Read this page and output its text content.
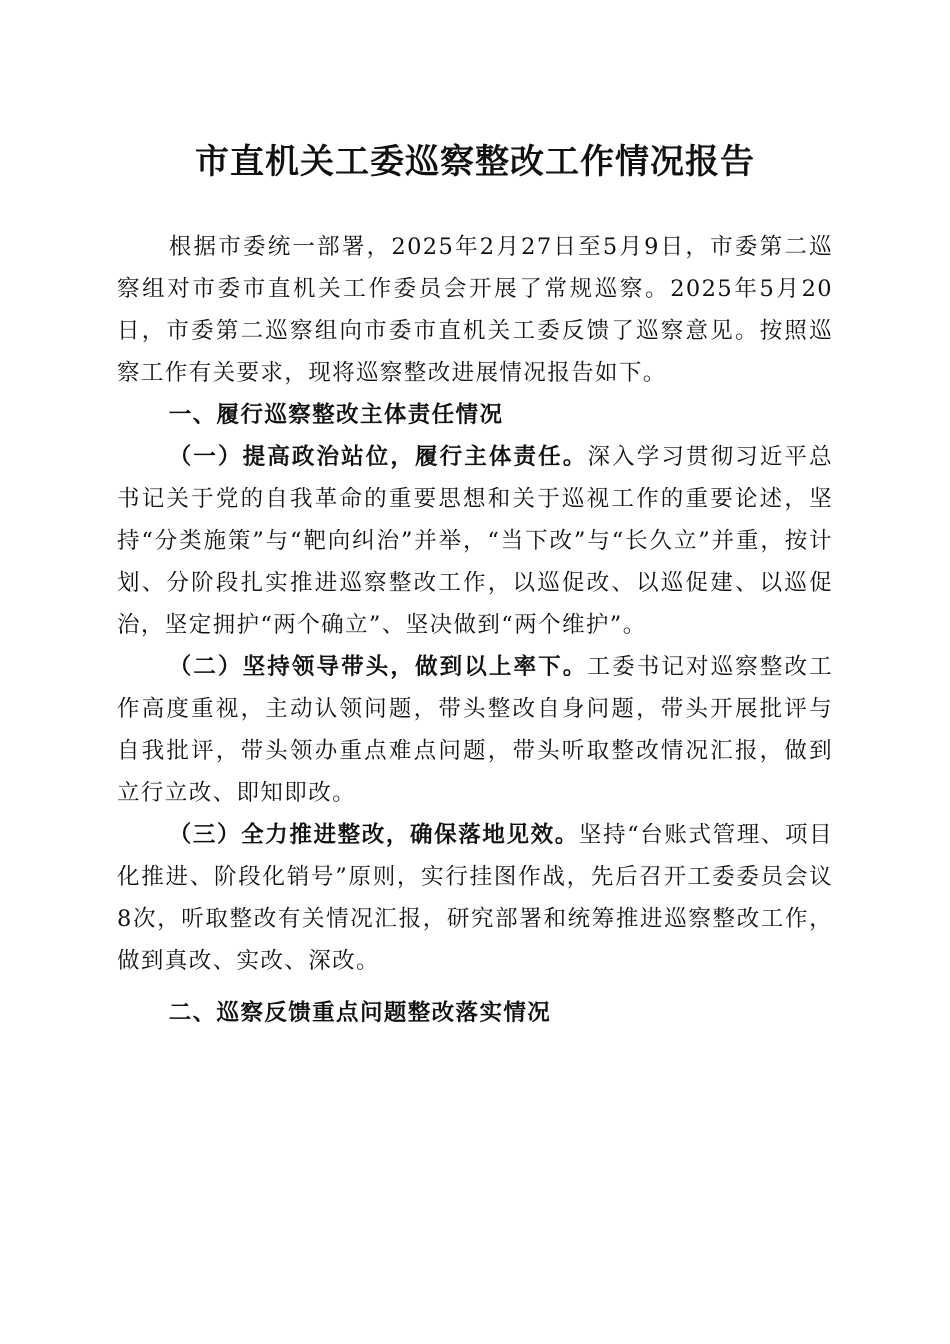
市直机关工委巡察整改工作情况报告

根据市委统一部署，2025年2月27日至5月9日，市委第二巡察组对市委市直机关工作委员会开展了常规巡察。2025年5月20日，市委第二巡察组向市委市直机关工委反馈了巡察意见。按照巡察工作有关要求，现将巡察整改进展情况报告如下。

一、履行巡察整改主体责任情况

（一）提高政治站位，履行主体责任。深入学习贯彻习近平总书记关于党的自我革命的重要思想和关于巡视工作的重要论述，坚持“分类施策”与“靶向纠治”并举，“当下改”与“长久立”并重，按计划、分阶段扎实推进巡察整改工作，以巡促改、以巡促建、以巡促治，坚定拥护“两个确立”、坚决做到“两个维护”。

（二）坚持领导带头，做到以上率下。工委书记对巡察整改工作高度重视，主动认领问题，带头整改自身问题，带头开展批评与自我批评，带头领办重点难点问题，带头听取整改情况汇报，做到立行立改、即知即改。

（三）全力推进整改，确保落地见效。坚持“台账式管理、项目化推进、阶段化销号”原则，实行挂图作战，先后召开工委委员会议8次，听取整改有关情况汇报，研究部署和统筹推进巡察整改工作，做到真改、实改、深改。

二、巡察反馈重点问题整改落实情况
